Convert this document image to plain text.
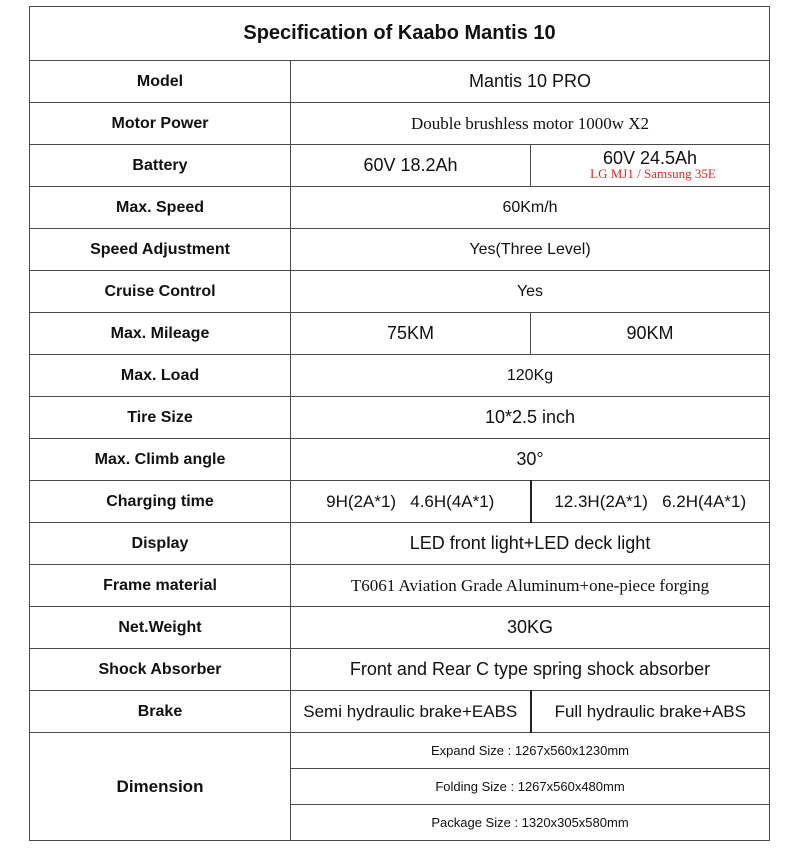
Specification of Kaabo Mantis 10		
Model	Mantis 10 PRO	
Motor Power	Double brushless motor 1000w X2	
Battery	60V 18.2Ah	60V 24.5Ah
LG MJ1 / Samsung 35E

Max. Speed	60Km/h	
Speed Adjustment	Yes(Three Level)	
Cruise Control	Yes	
Max. Mileage	75KM	90KM
Max. Load	120Kg	
Tire Size	10*2.5 inch	
Max. Climb angle	30°	
Charging time	9H(2A*1)   4.6H(4A*1)	12.3H(2A*1)   6.2H(4A*1)
Display	LED front light+LED deck light	
Frame material	T6061 Aviation Grade Aluminum+one-piece forging	
Net.Weight	30KG	
Shock Absorber	Front and Rear C type spring shock absorber	
Brake	Semi hydraulic brake+EABS	Full hydraulic brake+ABS
Dimension	Expand Size : 1267x560x1230mm	
	Folding Size : 1267x560x480mm	
	Package Size : 1320x305x580mm	
